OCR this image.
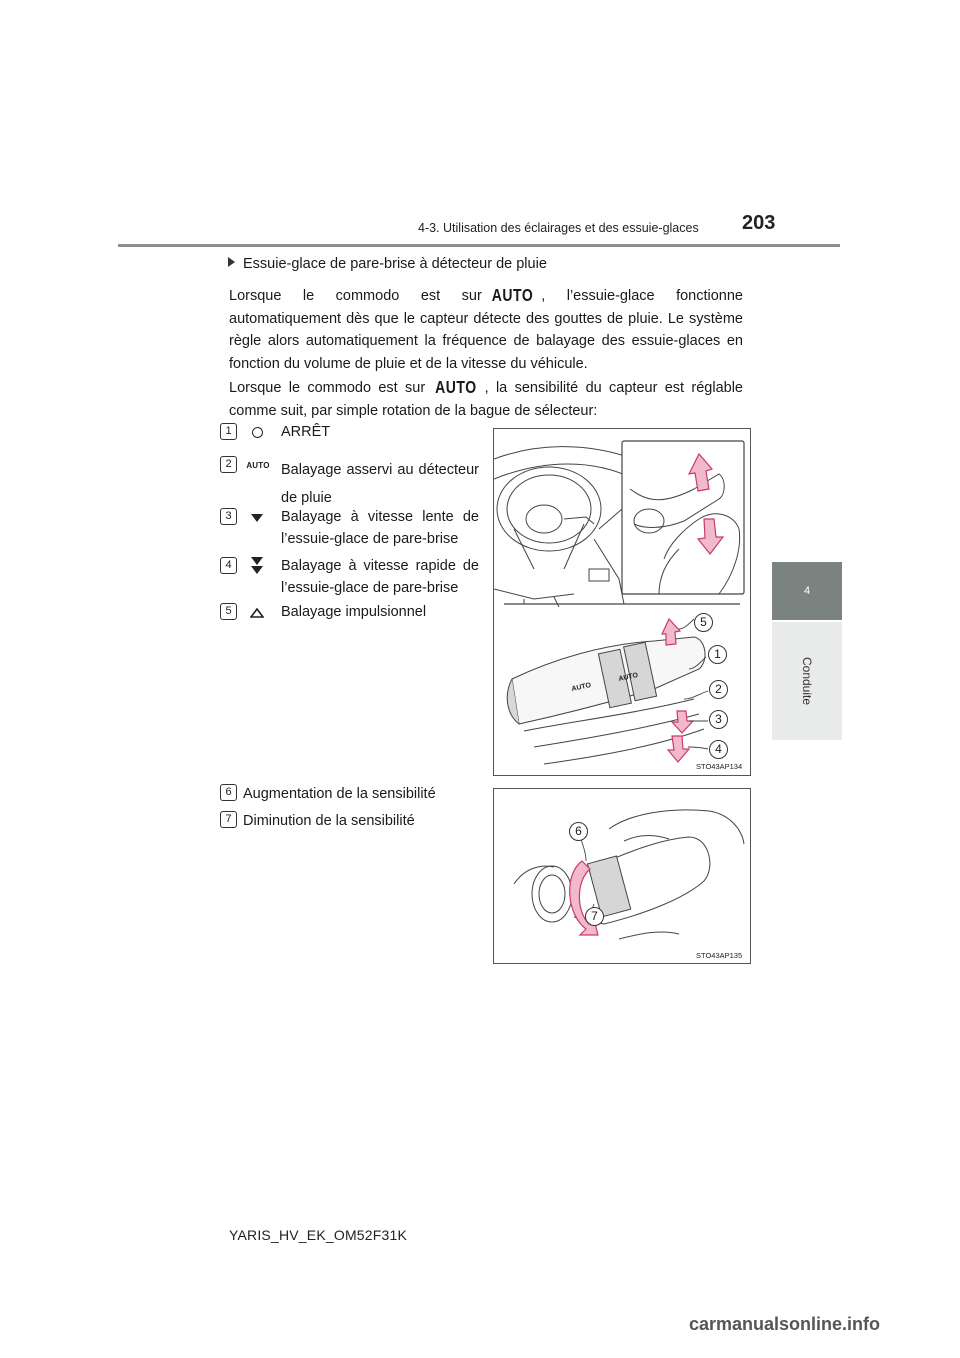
4-3. Utilisation des éclairages et des essuie-glaces 203
4
Conduite
Essuie-glace de pare-brise à détecteur de pluie
Lorsque le commodo est sur AUTO , l’essuie-glace fonctionne automatiquement dès que le capteur détecte des gouttes de pluie. Le système règle alors automatiquement la fréquence de balayage des essuie-glaces en fonction du volume de pluie et de la vitesse du véhicule.
Lorsque le commodo est sur AUTO , la sensibilité du capteur est réglable comme suit, par simple rotation de la bague de sélecteur:
1	ARRÊT
2	AUTO Balayage asservi au détecteur de pluie
3	Balayage à vitesse lente de l’essuie-glace de pare-brise
4	Balayage à vitesse rapide de l’essuie-glace de pare-brise
5	Balayage impulsionnel
AUTO
AUTO
5
1
2
3
4
STO43AP134
6 Augmentation de la sensibilité
7 Diminution de la sensibilité
6
7
STO43AP135
YARIS_HV_EK_OM52F31K
carmanualsonline.info
